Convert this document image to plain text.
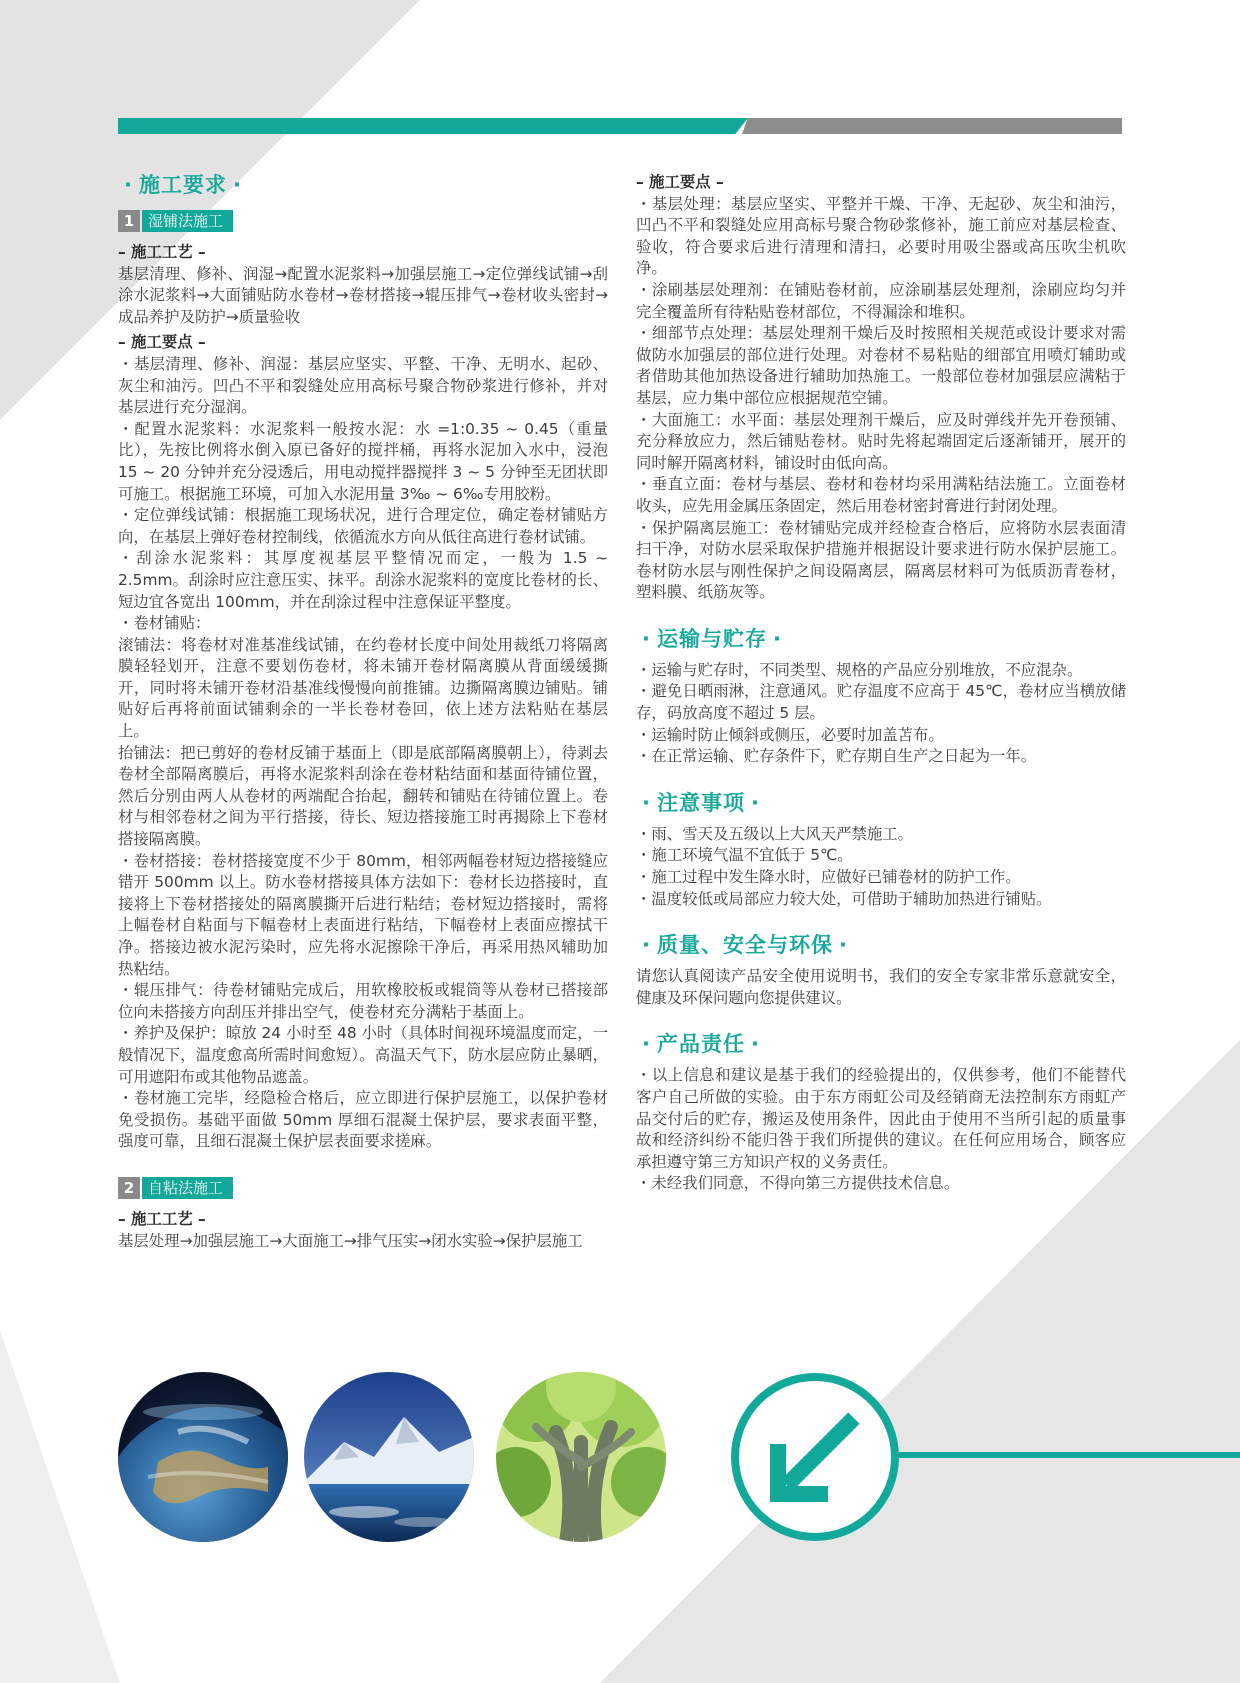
· 施工要求 ·
1 湿铺法施工

– 施工工艺 –

基层清理、修补、润湿→配置水泥浆料→加强层施工→定位弹线试铺→刮涂水泥浆料→大面铺贴防水卷材→卷材搭接→辊压排气→卷材收头密封→成品养护及防护→质量验收

– 施工要点 –

・基层清理、修补、润湿：基层应坚实、平整、干净、无明水、起砂、灰尘和油污。凹凸不平和裂缝处应用高标号聚合物砂浆进行修补，并对基层进行充分湿润。

・配置水泥浆料：水泥浆料一般按水泥：水 =1:0.35 ~ 0.45（重量比），先按比例将水倒入原已备好的搅拌桶，再将水泥加入水中，浸泡 15 ~ 20 分钟并充分浸透后，用电动搅拌器搅拌 3 ~ 5 分钟至无团状即可施工。根据施工环境，可加入水泥用量 3‰ ~ 6‰专用胶粉。

・定位弹线试铺：根据施工现场状况，进行合理定位，确定卷材铺贴方向，在基层上弹好卷材控制线，依循流水方向从低往高进行卷材试铺。

・刮涂水泥浆料：其厚度视基层平整情况而定，一般为 1.5 ~ 2.5mm。刮涂时应注意压实、抹平。刮涂水泥浆料的宽度比卷材的长、短边宜各宽出 100mm，并在刮涂过程中注意保证平整度。

・卷材铺贴：

滚铺法：将卷材对准基准线试铺，在约卷材长度中间处用裁纸刀将隔离膜轻轻划开，注意不要划伤卷材，将未铺开卷材隔离膜从背面缓缓撕开，同时将未铺开卷材沿基准线慢慢向前推铺。边撕隔离膜边铺贴。铺贴好后再将前面试铺剩余的一半长卷材卷回，依上述方法粘贴在基层上。

抬铺法：把已剪好的卷材反铺于基面上（即是底部隔离膜朝上），待剥去卷材全部隔离膜后，再将水泥浆料刮涂在卷材粘结面和基面待铺位置，然后分别由两人从卷材的两端配合抬起，翻转和铺贴在待铺位置上。卷材与相邻卷材之间为平行搭接，待长、短边搭接施工时再揭除上下卷材搭接隔离膜。

・卷材搭接：卷材搭接宽度不少于 80mm，相邻两幅卷材短边搭接缝应错开 500mm 以上。防水卷材搭接具体方法如下：卷材长边搭接时，直接将上下卷材搭接处的隔离膜撕开后进行粘结；卷材短边搭接时，需将上幅卷材自粘面与下幅卷材上表面进行粘结，下幅卷材上表面应擦拭干净。搭接边被水泥污染时，应先将水泥擦除干净后，再采用热风辅助加热粘结。

・辊压排气：待卷材铺贴完成后，用软橡胶板或辊筒等从卷材已搭接部位向未搭接方向刮压并排出空气，使卷材充分满粘于基面上。

・养护及保护：晾放 24 小时至 48 小时（具体时间视环境温度而定，一般情况下，温度愈高所需时间愈短）。高温天气下，防水层应防止暴晒，可用遮阳布或其他物品遮盖。

・卷材施工完毕，经隐检合格后，应立即进行保护层施工，以保护卷材免受损伤。基础平面做 50mm 厚细石混凝土保护层，要求表面平整，强度可靠，且细石混凝土保护层表面要求搓麻。

2 自粘法施工

– 施工工艺 –

基层处理→加强层施工→大面施工→排气压实→闭水实验→保护层施工

– 施工要点 –

・基层处理：基层应坚实、平整并干燥、干净、无起砂、灰尘和油污，凹凸不平和裂缝处应用高标号聚合物砂浆修补，施工前应对基层检查、验收，符合要求后进行清理和清扫，必要时用吸尘器或高压吹尘机吹净。

・涂刷基层处理剂：在铺贴卷材前，应涂刷基层处理剂，涂刷应均匀并完全覆盖所有待粘贴卷材部位，不得漏涂和堆积。

・细部节点处理：基层处理剂干燥后及时按照相关规范或设计要求对需做防水加强层的部位进行处理。对卷材不易粘贴的细部宜用喷灯辅助或者借助其他加热设备进行辅助加热施工。一般部位卷材加强层应满粘于基层，应力集中部位应根据规范空铺。

・大面施工：水平面：基层处理剂干燥后，应及时弹线并先开卷预铺、充分释放应力，然后铺贴卷材。贴时先将起端固定后逐渐铺开，展开的同时解开隔离材料，铺设时由低向高。

・垂直立面：卷材与基层、卷材和卷材均采用满粘结法施工。立面卷材收头，应先用金属压条固定，然后用卷材密封膏进行封闭处理。

・保护隔离层施工：卷材铺贴完成并经检查合格后，应将防水层表面清扫干净，对防水层采取保护措施并根据设计要求进行防水保护层施工。卷材防水层与刚性保护之间设隔离层，隔离层材料可为低质沥青卷材，塑料膜、纸筋灰等。

· 运输与贮存 ·

・运输与贮存时，不同类型、规格的产品应分别堆放，不应混杂。

・避免日晒雨淋，注意通风。贮存温度不应高于 45℃，卷材应当横放储存，码放高度不超过 5 层。

・运输时防止倾斜或侧压，必要时加盖苫布。

・在正常运输、贮存条件下，贮存期自生产之日起为一年。

· 注意事项 ·

・雨、雪天及五级以上大风天严禁施工。

・施工环境气温不宜低于 5℃。

・施工过程中发生降水时，应做好已铺卷材的防护工作。

・温度较低或局部应力较大处，可借助于辅助加热进行铺贴。

· 质量、安全与环保 ·

请您认真阅读产品安全使用说明书，我们的安全专家非常乐意就安全，健康及环保问题向您提供建议。

· 产品责任 ·

・以上信息和建议是基于我们的经验提出的，仅供参考，他们不能替代客户自己所做的实验。由于东方雨虹公司及经销商无法控制东方雨虹产品交付后的贮存，搬运及使用条件，因此由于使用不当所引起的质量事故和经济纠纷不能归咎于我们所提供的建议。在任何应用场合，顾客应承担遵守第三方知识产权的义务责任。

・未经我们同意，不得向第三方提供技术信息。
